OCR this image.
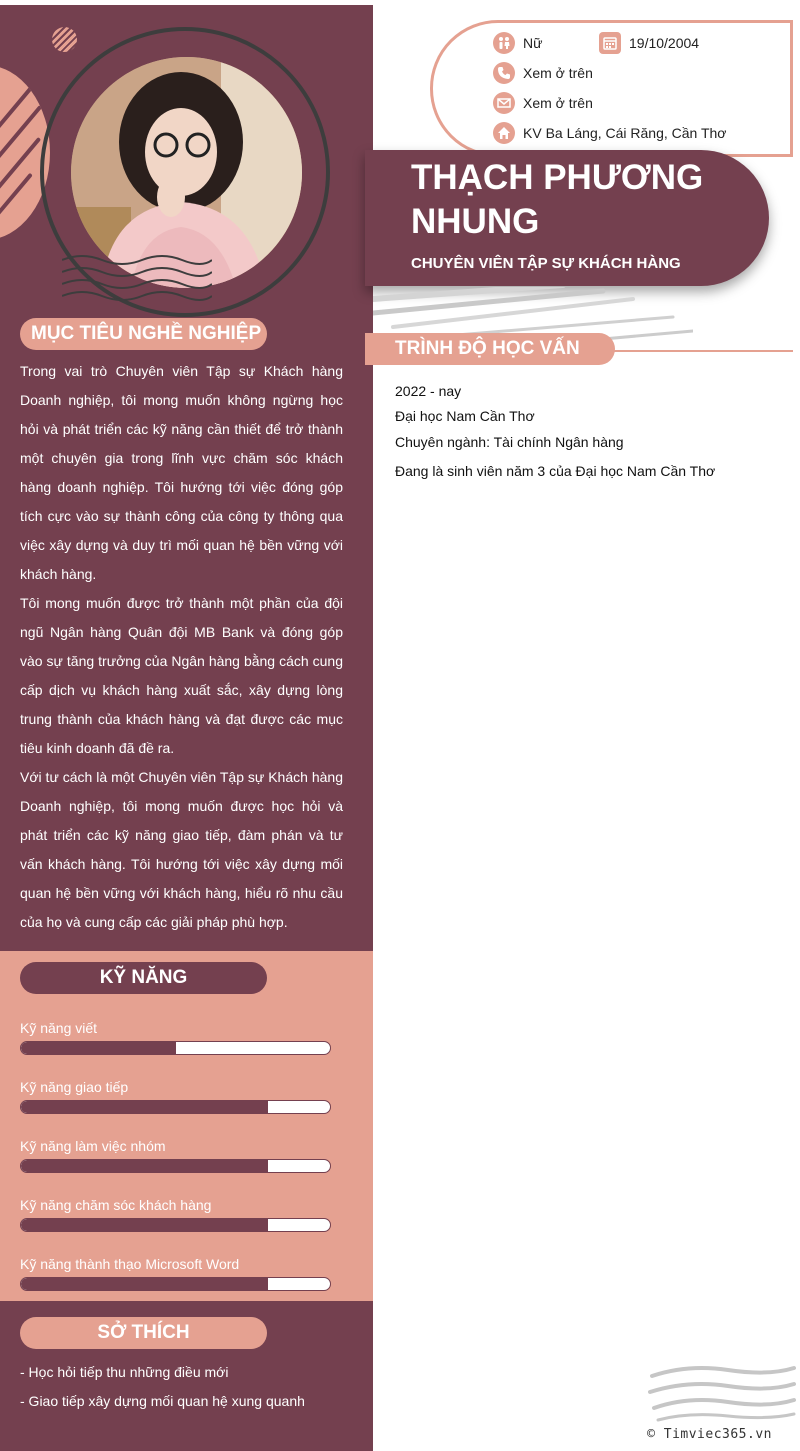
MỤC TIÊU NGHỀ NGHIỆP

Trong vai trò Chuyên viên Tập sự Khách hàng Doanh nghiệp, tôi mong muốn không ngừng học hỏi và phát triển các kỹ năng cần thiết để trở thành một chuyên gia trong lĩnh vực chăm sóc khách hàng doanh nghiệp. Tôi hướng tới việc đóng góp tích cực vào sự thành công của công ty thông qua việc xây dựng và duy trì mối quan hệ bền vững với khách hàng.

Tôi mong muốn được trở thành một phần của đội ngũ Ngân hàng Quân đội MB Bank và đóng góp vào sự tăng trưởng của Ngân hàng bằng cách cung cấp dịch vụ khách hàng xuất sắc, xây dựng lòng trung thành của khách hàng và đạt được các mục tiêu kinh doanh đã đề ra.

Với tư cách là một Chuyên viên Tập sự Khách hàng Doanh nghiệp, tôi mong muốn được học hỏi và phát triển các kỹ năng giao tiếp, đàm phán và tư vấn khách hàng. Tôi hướng tới việc xây dựng mối quan hệ bền vững với khách hàng, hiểu rõ nhu cầu của họ và cung cấp các giải pháp phù hợp.

KỸ NĂNG
Kỹ năng viết
Kỹ năng giao tiếp
Kỹ năng làm việc nhóm
Kỹ năng chăm sóc khách hàng
Kỹ năng thành thạo Microsoft Word
SỞ THÍCH
- Học hỏi tiếp thu những điều mới
- Giao tiếp xây dựng mối quan hệ xung quanh
Nữ	19/10/2004
Xem ở trên
Xem ở trên
KV Ba Láng, Cái Răng, Cần Thơ
THẠCH PHƯƠNG NHUNG
CHUYÊN VIÊN TẬP SỰ KHÁCH HÀNG
TRÌNH ĐỘ HỌC VẤN
2022 - nay
Đại học Nam Cần Thơ
Chuyên ngành: Tài chính Ngân hàng
Đang là sinh viên năm 3 của Đại học Nam Cần Thơ
© Timviec365.vn
